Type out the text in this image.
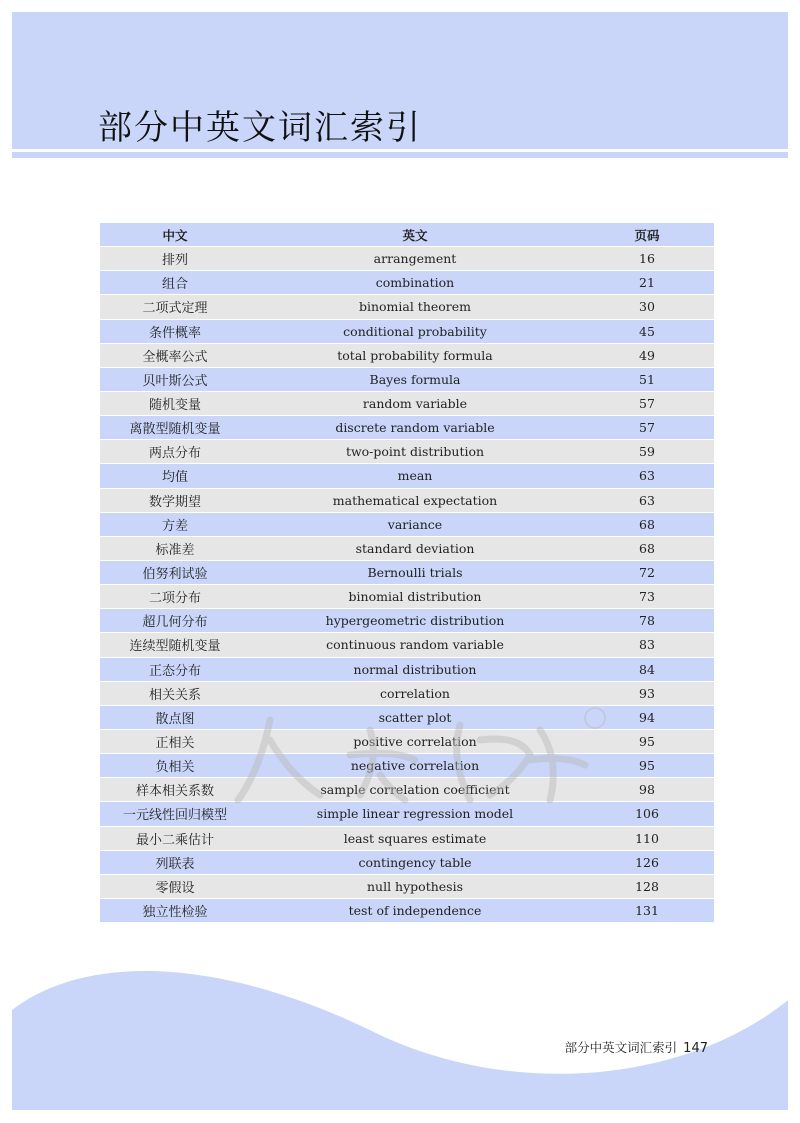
部分中英文词汇索引
中文	英文	页码
排列	arrangement	16
组合	combination	21
二项式定理	binomial theorem	30
条件概率	conditional probability	45
全概率公式	total probability formula	49
贝叶斯公式	Bayes formula	51
随机变量	random variable	57
离散型随机变量	discrete random variable	57
两点分布	two-point distribution	59
均值	mean	63
数学期望	mathematical expectation	63
方差	variance	68
标准差	standard deviation	68
伯努利试验	Bernoulli trials	72
二项分布	binomial distribution	73
超几何分布	hypergeometric distribution	78
连续型随机变量	continuous random variable	83
正态分布	normal distribution	84
相关关系	correlation	93
散点图	scatter plot	94
正相关	positive correlation	95
负相关	negative correlation	95
样本相关系数	sample correlation coefficient	98
一元线性回归模型	simple linear regression model	106
最小二乘估计	least squares estimate	110
列联表	contingency table	126
零假设	null hypothesis	128
独立性检验	test of independence	131
部分中英文词汇索引 147
